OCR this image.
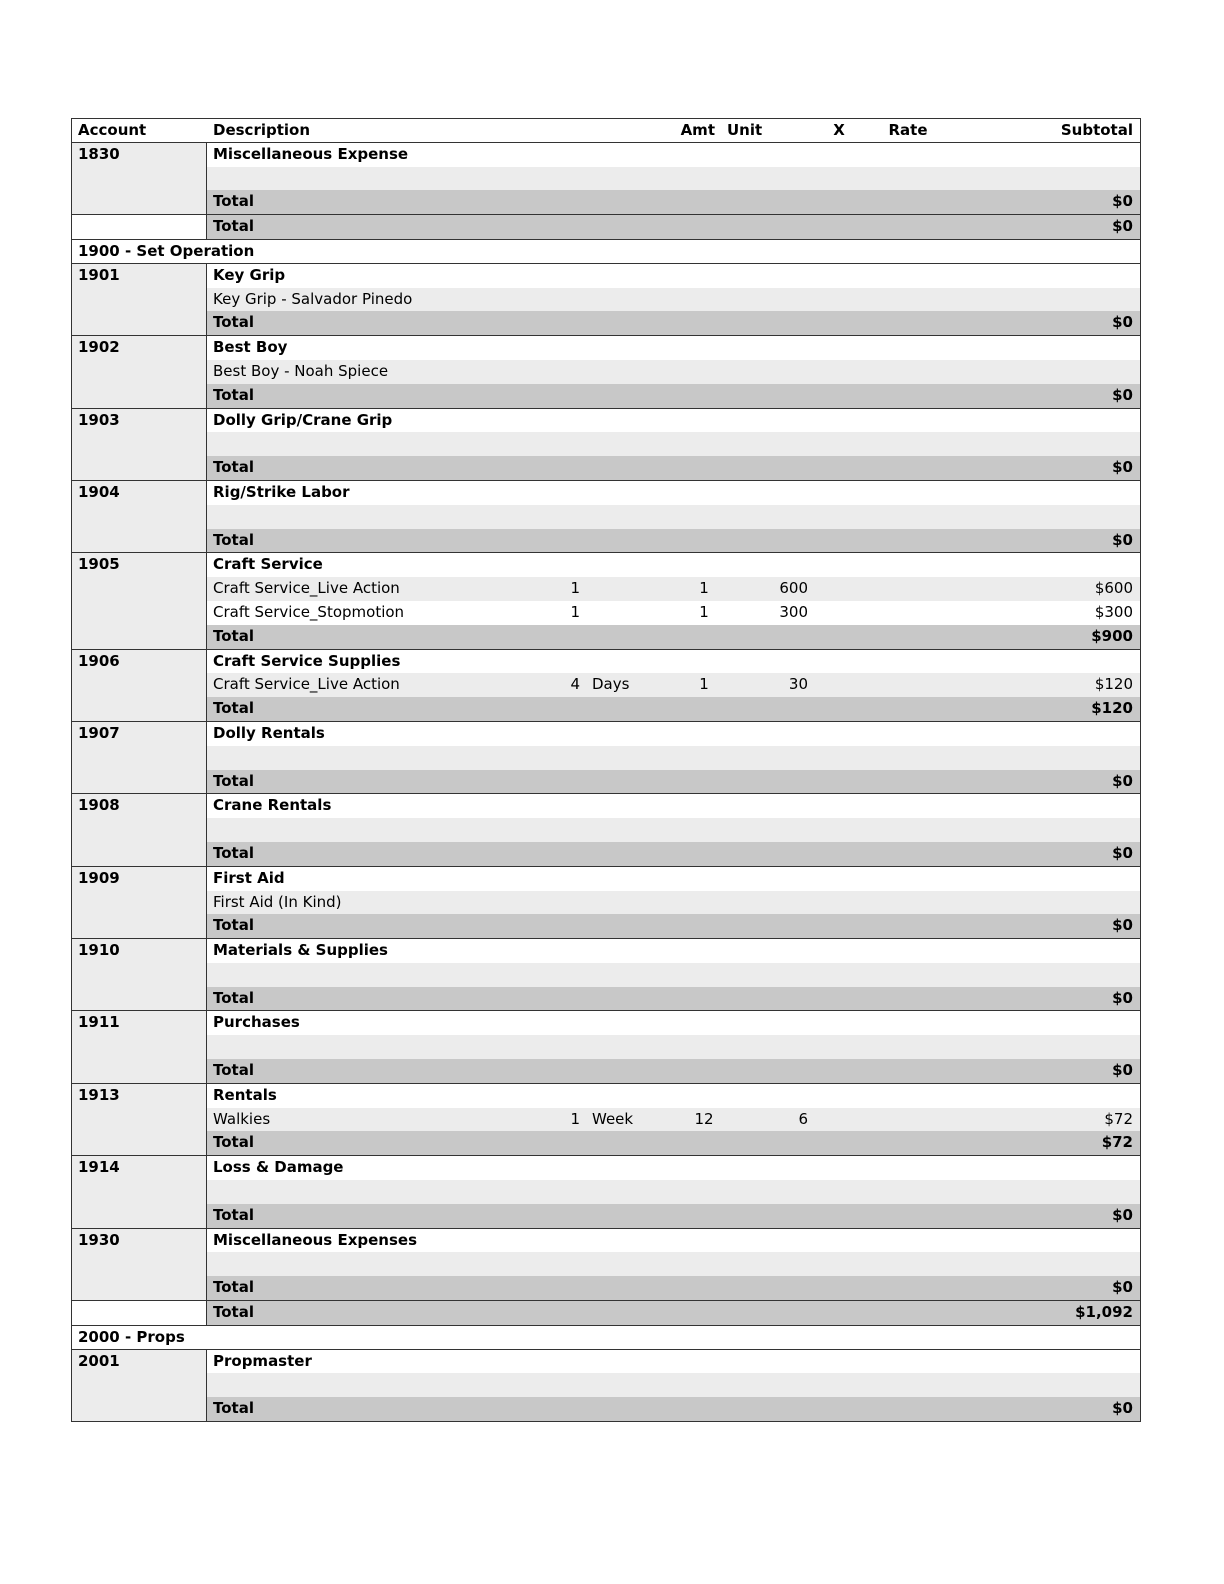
Account	Description	Amt Unit	X	Rate	Subtotal
1830	Miscellaneous Expense
Total	$0
Total	$0
1900 - Set Operation
1901	Key Grip
Key Grip - Salvador Pinedo
Total	$0
1902	Best Boy
Best Boy - Noah Spiece
Total	$0
1903	Dolly Grip/Crane Grip
Total	$0
1904	Rig/Strike Labor
Total	$0
1905	Craft Service
Craft Service_Live Action	1	1	600	$600
Craft Service_Stopmotion	1	1	300	$300
Total	$900
1906	Craft Service Supplies
Craft Service_Live Action	4 Days	1	30	$120
Total	$120
1907	Dolly Rentals
Total	$0
1908	Crane Rentals
Total	$0
1909	First Aid
First Aid (In Kind)
Total	$0
1910	Materials & Supplies
Total	$0
1911	Purchases
Total	$0
1913	Rentals
Walkies	1 Week	12	6	$72
Total	$72
1914	Loss & Damage
Total	$0
1930	Miscellaneous Expenses
Total	$0
Total	$1,092
2000 - Props
2001	Propmaster
Total	$0
